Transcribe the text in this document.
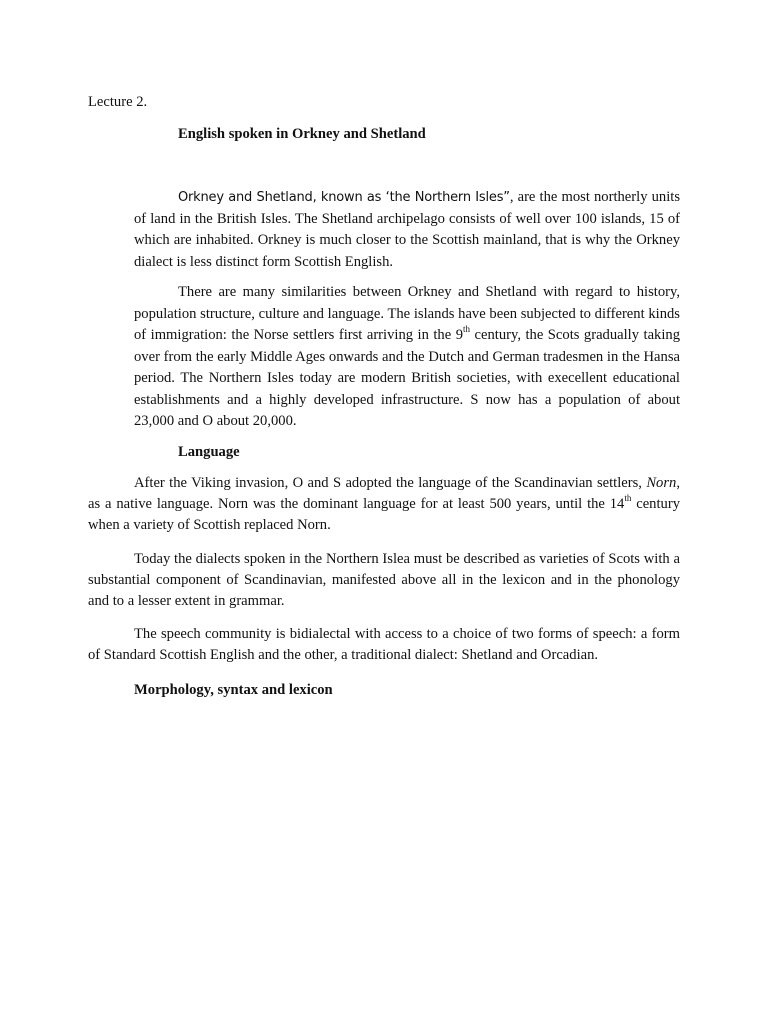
Lecture 2.
English spoken in Orkney and Shetland
Orkney and Shetland, known as ‘the Northern Isles”, are the most northerly units of land in the British Isles. The Shetland archipelago consists of well over 100 islands, 15 of which are inhabited. Orkney is much closer to the Scottish mainland, that is why the Orkney dialect is less distinct form Scottish English.
There are many similarities between Orkney and Shetland with regard to history, population structure, culture and language. The islands have been subjected to different kinds of immigration: the Norse settlers first arriving in the 9th century, the Scots gradually taking over from the early Middle Ages onwards and the Dutch and German tradesmen in the Hansa period. The Northern Isles today are modern British societies, with execellent educational establishments and a highly developed infrastructure. S now has a population of about 23,000 and O about 20,000.
Language
After the Viking invasion, O and S adopted the language of the Scandinavian settlers, Norn, as a native language. Norn was the dominant language for at least 500 years, until the 14th century when a variety of Scottish replaced Norn.
Today the dialects spoken in the Northern Islea must be described as varieties of Scots with a substantial component of Scandinavian, manifested above all in the lexicon and in the phonology and to a lesser extent in grammar.
The speech community is bidialectal with access to a choice of two forms of speech: a form of Standard Scottish English and the other, a traditional dialect: Shetland and Orcadian.
Morphology, syntax and lexicon
